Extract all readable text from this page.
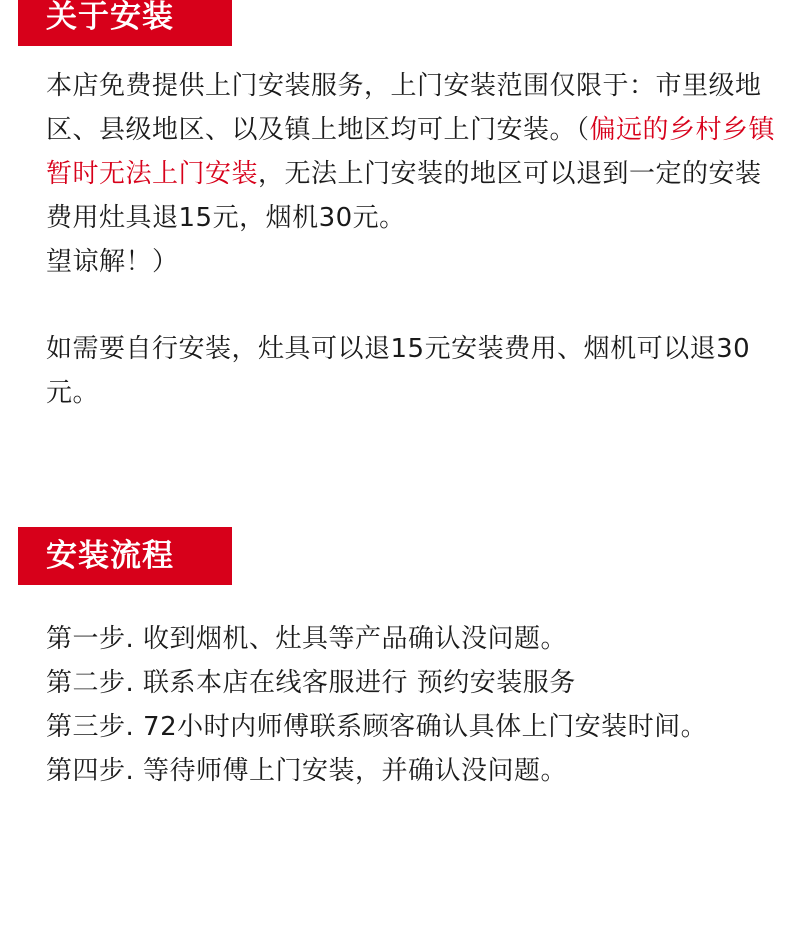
关于安装

本店免费提供上门安装服务，上门安装范围仅限于：市里级地区、县级地区、以及镇上地区均可上门安装。（偏远的乡村乡镇暂时无法上门安装，无法上门安装的地区可以退到一定的安装费用灶具退15元，烟机30元。
望谅解！）

如需要自行安装，灶具可以退15元安装费用、烟机可以退30元。

安装流程
第一步. 收到烟机、灶具等产品确认没问题。
第二步. 联系本店在线客服进行 预约安装服务
第三步. 72小时内师傅联系顾客确认具体上门安装时间。
第四步. 等待师傅上门安装，并确认没问题。
